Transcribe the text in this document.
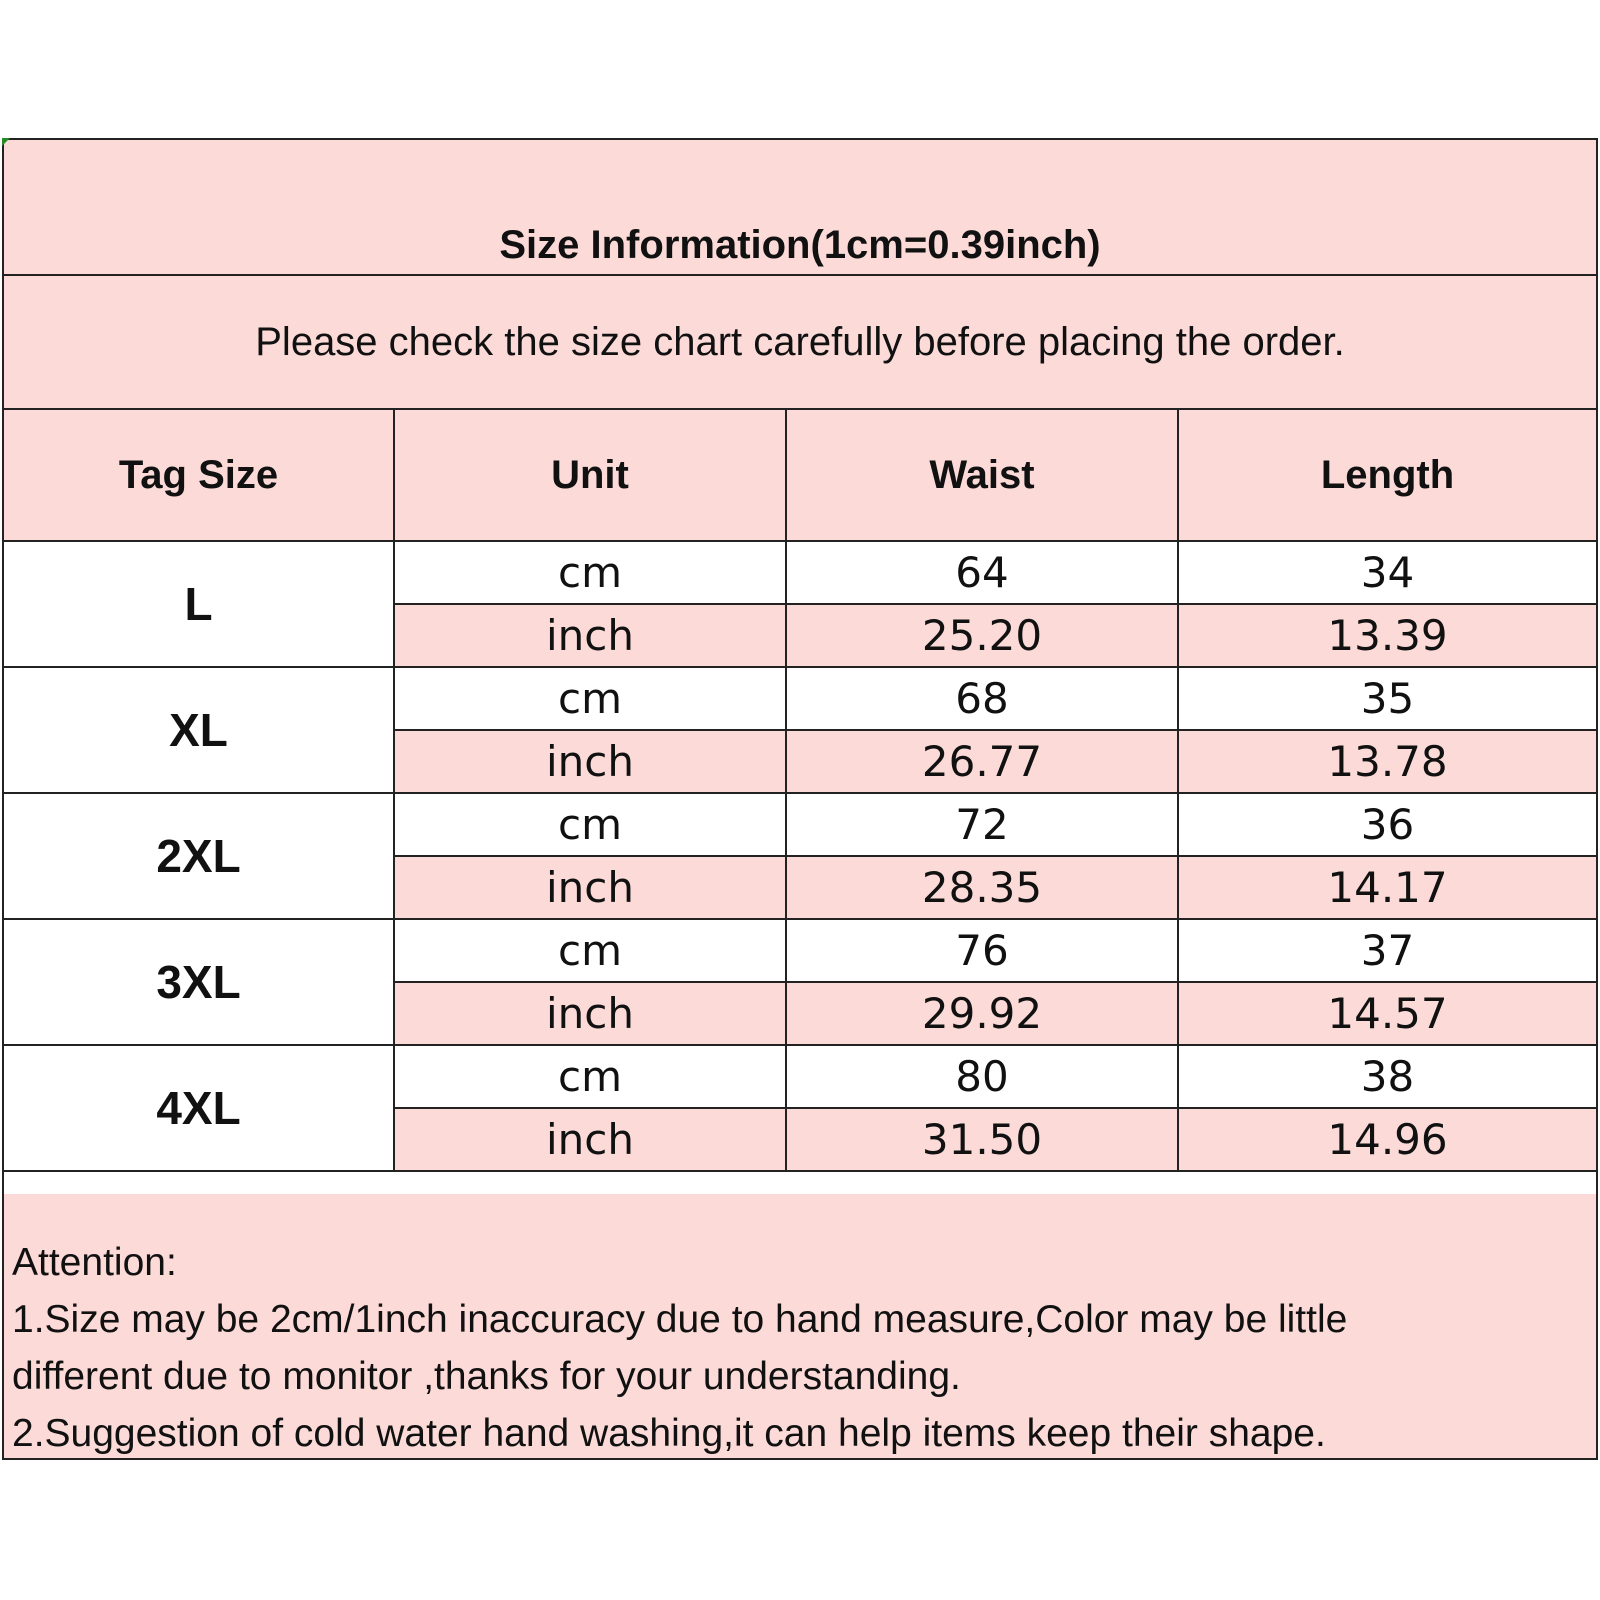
Size Information(1cm=0.39inch)
Please check the size chart carefully before placing the order.
Tag Size	Unit	Waist	Length
L	cm	64	34
	inch	25.20	13.39
XL	cm	68	35
	inch	26.77	13.78
2XL	cm	72	36
	inch	28.35	14.17
3XL	cm	76	37
	inch	29.92	14.57
4XL	cm	80	38
	inch	31.50	14.96
Attention:
1.Size may be 2cm/1inch inaccuracy due to hand measure,Color may be little
different due to monitor ,thanks for your understanding.
2.Suggestion of cold water hand washing,it can help items keep their shape.
